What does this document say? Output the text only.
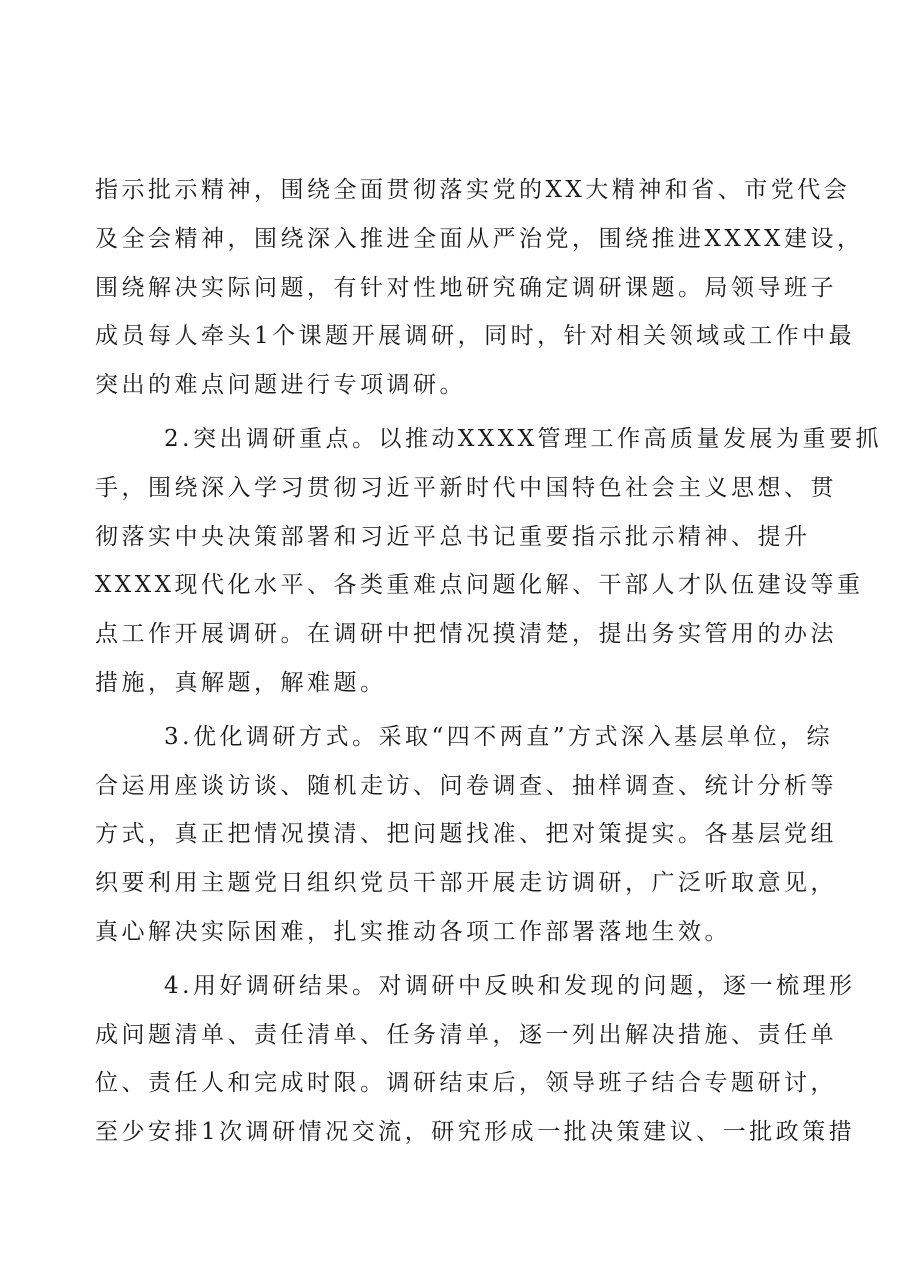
指示批示精神，围绕全面贯彻落实党的XX大精神和省、市党代会
及全会精神，围绕深入推进全面从严治党，围绕推进XXXX建设，
围绕解决实际问题，有针对性地研究确定调研课题。局领导班子
成员每人牵头1个课题开展调研，同时，针对相关领域或工作中最
突出的难点问题进行专项调研。
2.突出调研重点。以推动XXXX管理工作高质量发展为重要抓
手，围绕深入学习贯彻习近平新时代中国特色社会主义思想、贯
彻落实中央决策部署和习近平总书记重要指示批示精神、提升
XXXX现代化水平、各类重难点问题化解、干部人才队伍建设等重
点工作开展调研。在调研中把情况摸清楚，提出务实管用的办法
措施，真解题，解难题。
3.优化调研方式。采取“四不两直”方式深入基层单位，综
合运用座谈访谈、随机走访、问卷调查、抽样调查、统计分析等
方式，真正把情况摸清、把问题找准、把对策提实。各基层党组
织要利用主题党日组织党员干部开展走访调研，广泛听取意见，
真心解决实际困难，扎实推动各项工作部署落地生效。
4.用好调研结果。对调研中反映和发现的问题，逐一梳理形
成问题清单、责任清单、任务清单，逐一列出解决措施、责任单
位、责任人和完成时限。调研结束后，领导班子结合专题研讨，
至少安排1次调研情况交流，研究形成一批决策建议、一批政策措
